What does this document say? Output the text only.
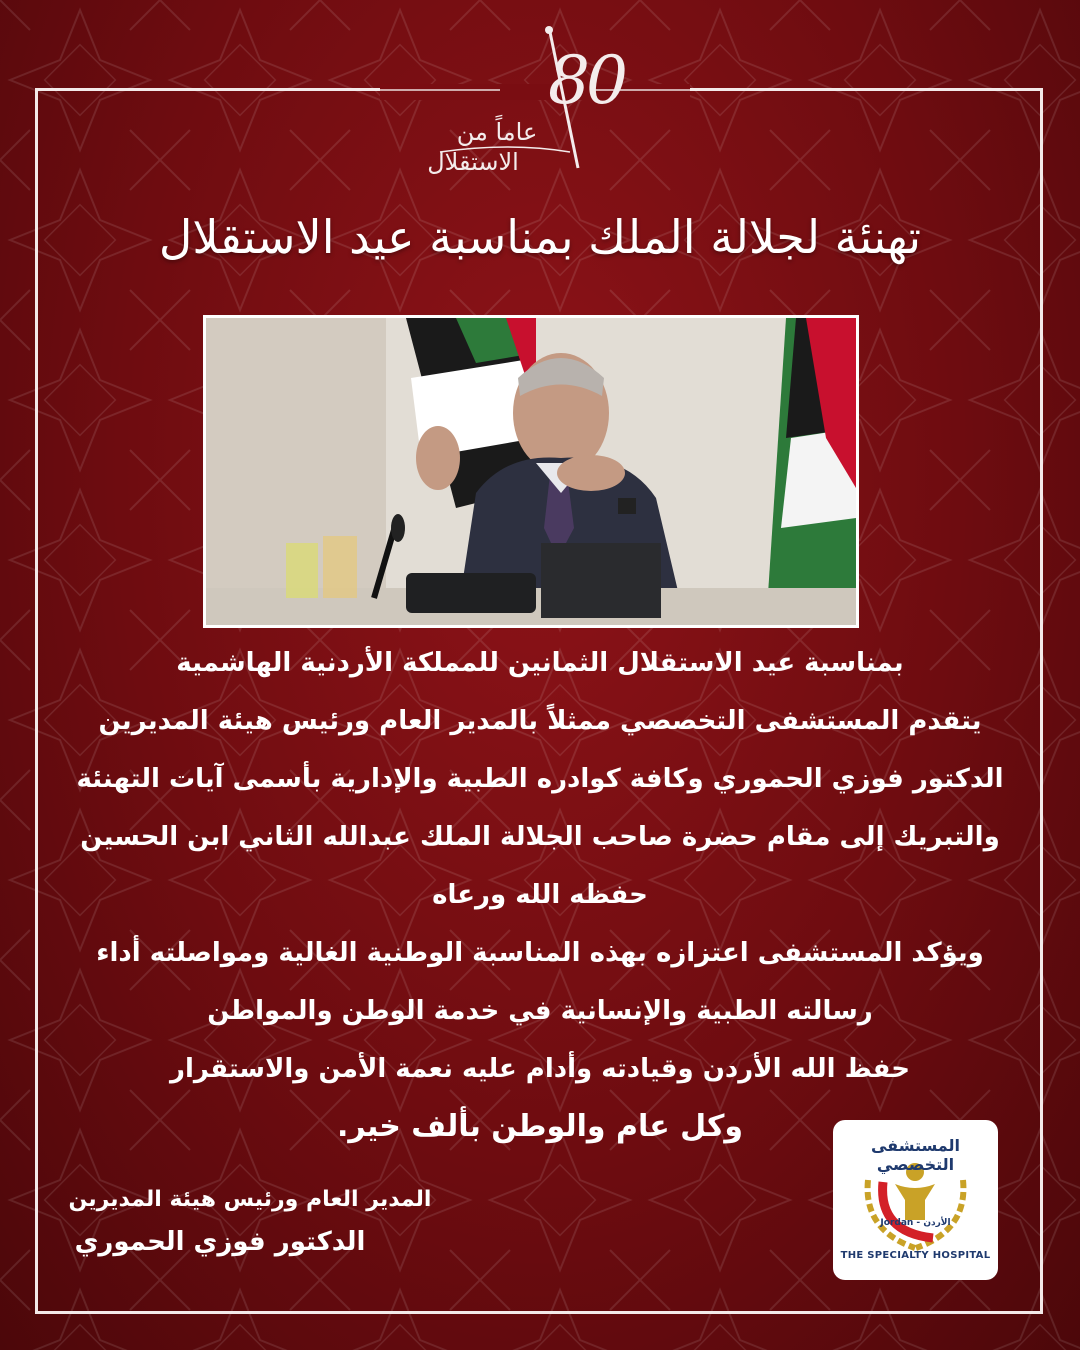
80
عاماً من
الاستقلال
تهنئة لجلالة الملك بمناسبة عيد الاستقلال
بمناسبة عيد الاستقلال الثمانين للمملكة الأردنية الهاشمية
يتقدم المستشفى التخصصي ممثلاً بالمدير العام ورئيس هيئة المديرين
الدكتور فوزي الحموري وكافة كوادره الطبية والإدارية بأسمى آيات التهنئة
والتبريك إلى مقام حضرة صاحب الجلالة الملك عبدالله الثاني ابن الحسين
حفظه الله ورعاه
ويؤكد المستشفى اعتزازه بهذه المناسبة الوطنية الغالية ومواصلته أداء
رسالته الطبية والإنسانية في خدمة الوطن والمواطن
حفظ الله الأردن وقيادته وأدام عليه نعمة الأمن والاستقرار
وكل عام والوطن بألف خير.
المدير العام ورئيس هيئة المديرين
الدكتور فوزي الحموري
المستشفى التخصصي
Jordan - الأردن
THE SPECIALTY HOSPITAL
